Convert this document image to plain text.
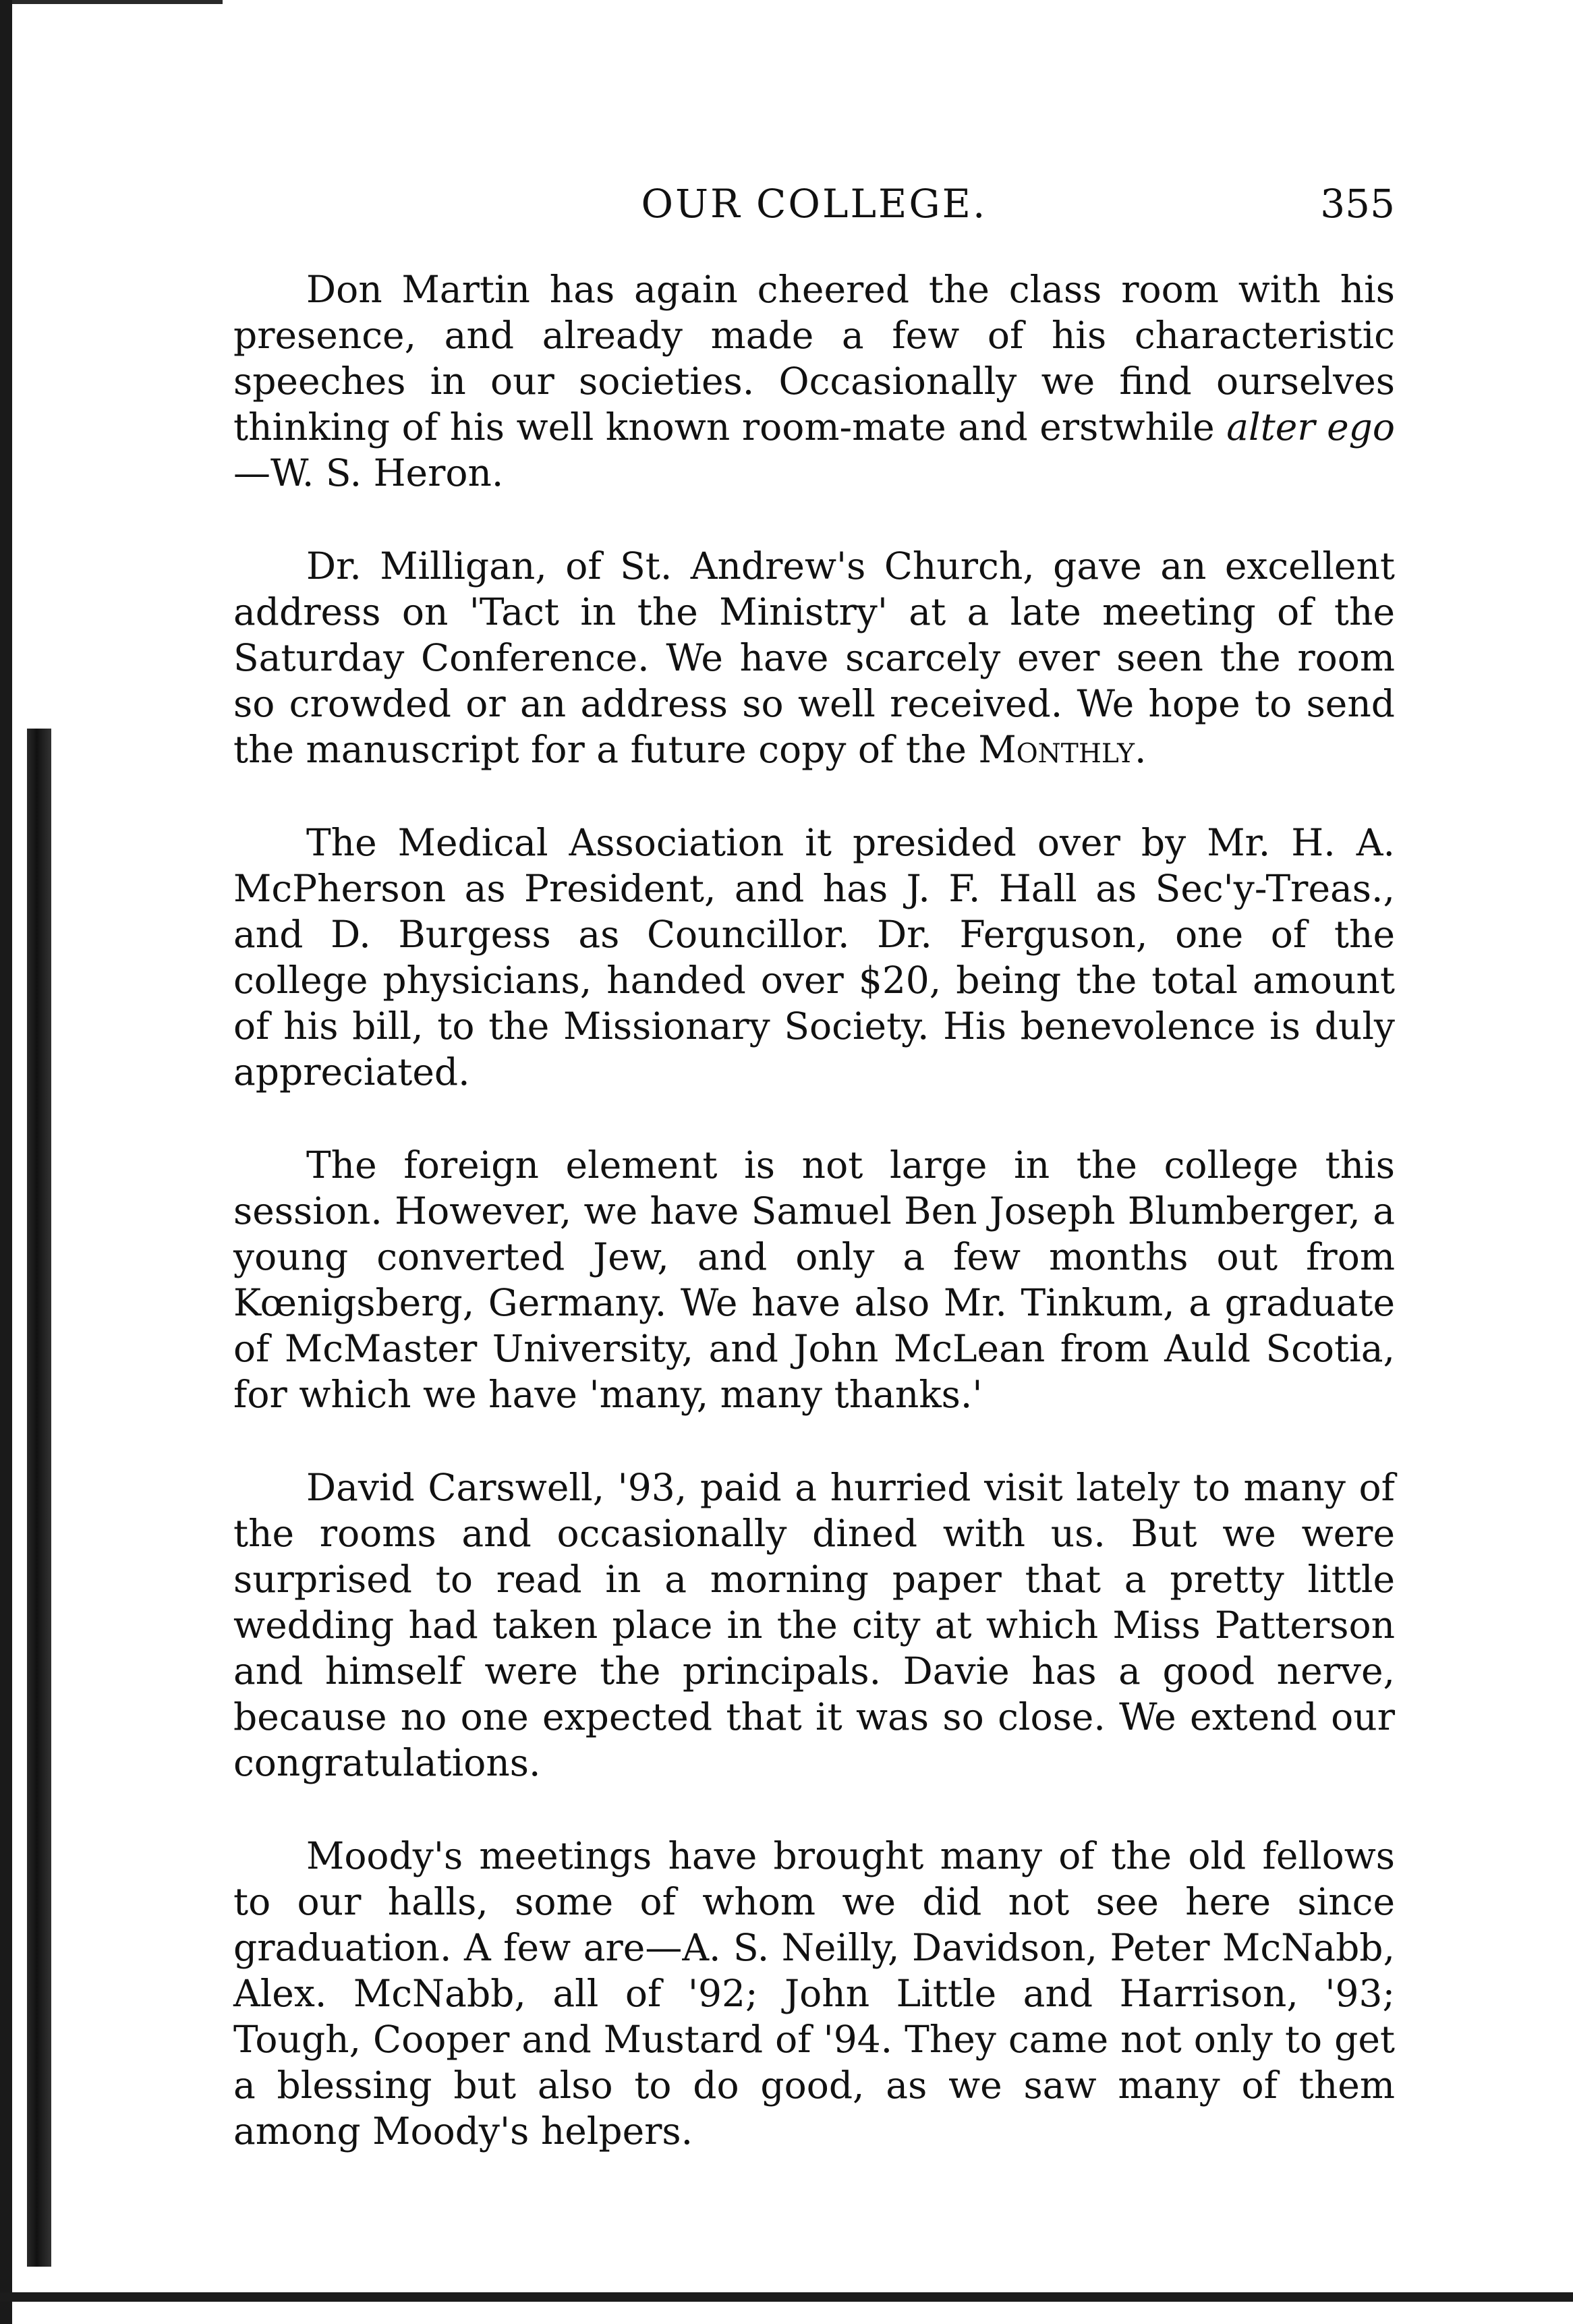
OUR COLLEGE.	355

Don Martin has again cheered the class room with his presence, and already made a few of his characteristic speeches in our societies. Occasionally we find ourselves thinking of his well known room-mate and erstwhile alter ego—W. S. Heron.

Dr. Milligan, of St. Andrew's Church, gave an excellent address on 'Tact in the Ministry' at a late meeting of the Saturday Conference. We have scarcely ever seen the room so crowded or an address so well received. We hope to send the manuscript for a future copy of the Monthly.

The Medical Association it presided over by Mr. H. A. McPherson as President, and has J. F. Hall as Sec'y-Treas., and D. Burgess as Councillor. Dr. Ferguson, one of the college physicians, handed over $20, being the total amount of his bill, to the Missionary Society. His benevolence is duly appreciated.

The foreign element is not large in the college this session. However, we have Samuel Ben Joseph Blumberger, a young converted Jew, and only a few months out from Kœnigsberg, Germany. We have also Mr. Tinkum, a graduate of McMaster University, and John McLean from Auld Scotia, for which we have 'many, many thanks.'

David Carswell, '93, paid a hurried visit lately to many of the rooms and occasionally dined with us. But we were surprised to read in a morning paper that a pretty little wedding had taken place in the city at which Miss Patterson and himself were the principals. Davie has a good nerve, because no one expected that it was so close. We extend our congratulations.

Moody's meetings have brought many of the old fellows to our halls, some of whom we did not see here since graduation. A few are—A. S. Neilly, Davidson, Peter McNabb, Alex. McNabb, all of '92; John Little and Harrison, '93; Tough, Cooper and Mustard of '94. They came not only to get a blessing but also to do good, as we saw many of them among Moody's helpers.
